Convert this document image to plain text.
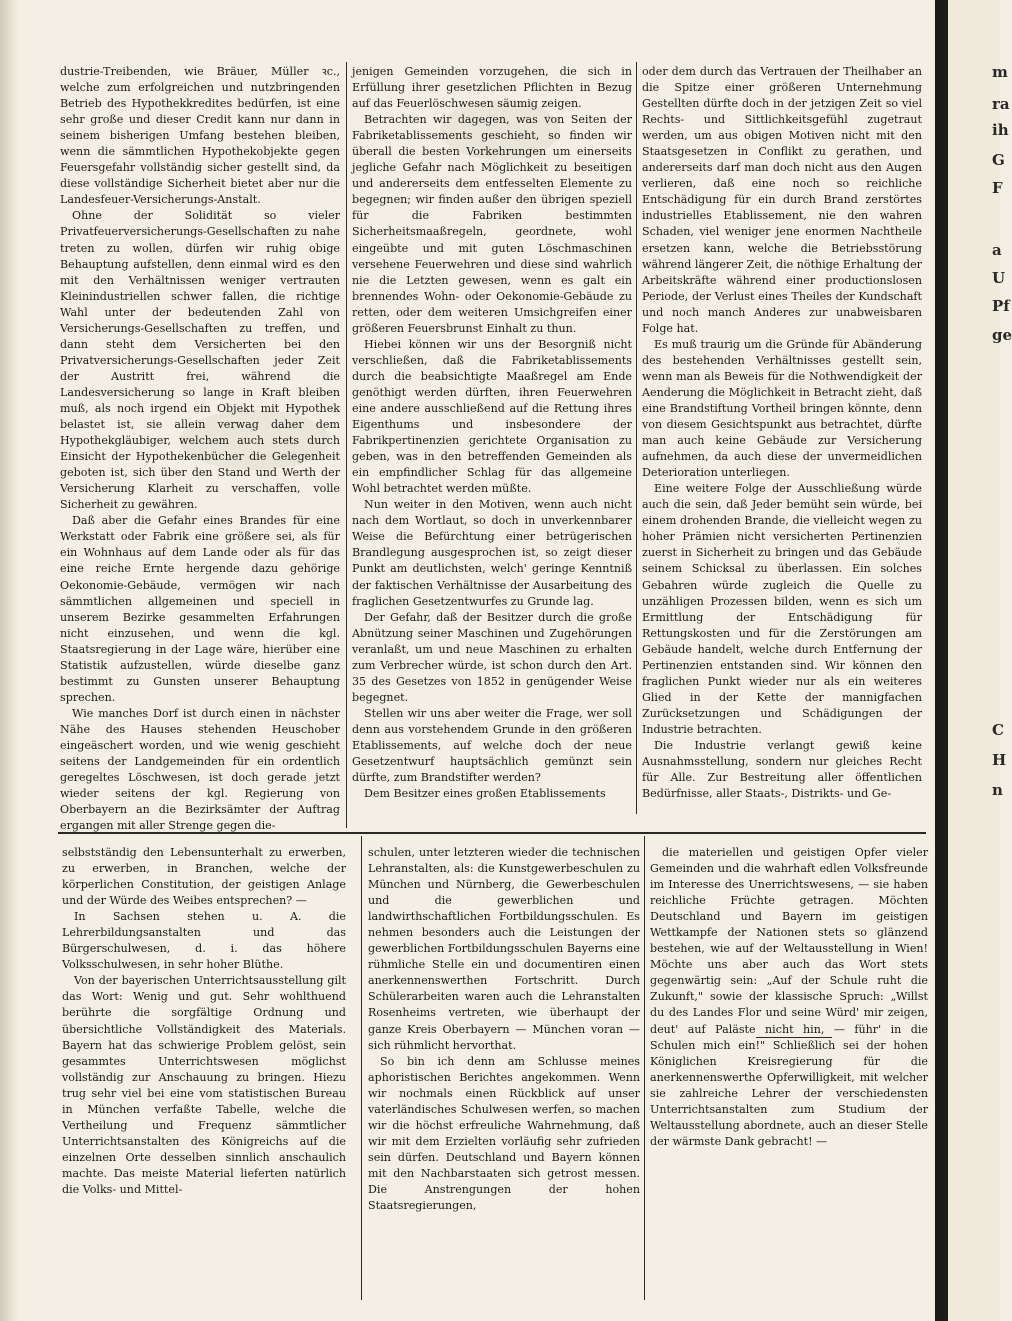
dustrie-Treibenden, wie Bräuer, Müller ꝛc., welche zum erfolgreichen und nutzbringenden Betrieb des Hypothekkredites bedürfen, ist eine sehr große und dieser Credit kann nur dann in seinem bisherigen Umfang bestehen bleiben, wenn die sämmtlichen Hypothekobjekte gegen Feuersgefahr vollständig sicher gestellt sind, da diese vollständige Sicherheit bietet aber nur die Landesfeuer-Versicherungs-Anstalt.

Ohne der Solidität so vieler Privatfeuerversicherungs-Gesellschaften zu nahe treten zu wollen, dürfen wir ruhig obige Behauptung aufstellen, denn einmal wird es den mit den Verhältnissen weniger vertrauten Kleinindustriellen schwer fallen, die richtige Wahl unter der bedeutenden Zahl von Versicherungs-Gesellschaften zu treffen, und dann steht dem Versicherten bei den Privatversicherungs-Gesellschaften jeder Zeit der Austritt frei, während die Landesversicherung so lange in Kraft bleiben muß, als noch irgend ein Objekt mit Hypothek belastet ist, sie allein verwag daher dem Hypothekgläubiger, welchem auch stets durch Einsicht der Hypothekenbücher die Gelegenheit geboten ist, sich über den Stand und Werth der Versicherung Klarheit zu verschaffen, volle Sicherheit zu gewähren.

Daß aber die Gefahr eines Brandes für eine Werkstatt oder Fabrik eine größere sei, als für ein Wohnhaus auf dem Lande oder als für das eine reiche Ernte hergende dazu gehörige Oekonomie-Gebäude, vermögen wir nach sämmtlichen allgemeinen und speciell in unserem Bezirke gesammelten Erfahrungen nicht einzusehen, und wenn die kgl. Staatsregierung in der Lage wäre, hierüber eine Statistik aufzustellen, würde dieselbe ganz bestimmt zu Gunsten unserer Behauptung sprechen.

Wie manches Dorf ist durch einen in nächster Nähe des Hauses stehenden Heuschober eingeäschert worden, und wie wenig geschieht seitens der Landgemeinden für ein ordentlich geregeltes Löschwesen, ist doch gerade jetzt wieder seitens der kgl. Regierung von Oberbayern an die Bezirksämter der Auftrag ergangen mit aller Strenge gegen die-

jenigen Gemeinden vorzugehen, die sich in Erfüllung ihrer gesetzlichen Pflichten in Bezug auf das Feuerlöschwesen säumig zeigen.

Betrachten wir dagegen, was von Seiten der Fabriketablissements geschieht, so finden wir überall die besten Vorkehrungen um einerseits jegliche Gefahr nach Möglichkeit zu beseitigen und andererseits dem entfesselten Elemente zu begegnen; wir finden außer den übrigen speziell für die Fabriken bestimmten Sicherheitsmaaßregeln, geordnete, wohl eingeübte und mit guten Löschmaschinen versehene Feuerwehren und diese sind wahrlich nie die Letzten gewesen, wenn es galt ein brennendes Wohn- oder Oekonomie-Gebäude zu retten, oder dem weiteren Umsichgreifen einer größeren Feuersbrunst Einhalt zu thun.

Hiebei können wir uns der Besorgniß nicht verschließen, daß die Fabriketablissements durch die beabsichtigte Maaßregel am Ende genöthigt werden dürften, ihren Feuerwehren eine andere ausschließend auf die Rettung ihres Eigenthums und insbesondere der Fabrikpertinenzien gerichtete Organisation zu geben, was in den betreffenden Gemeinden als ein empfindlicher Schlag für das allgemeine Wohl betrachtet werden müßte.

Nun weiter in den Motiven, wenn auch nicht nach dem Wortlaut, so doch in unverkennbarer Weise die Befürchtung einer betrügerischen Brandlegung ausgesprochen ist, so zeigt dieser Punkt am deutlichsten, welch' geringe Kenntniß der faktischen Verhältnisse der Ausarbeitung des fraglichen Gesetzentwurfes zu Grunde lag.

Der Gefahr, daß der Besitzer durch die große Abnützung seiner Maschinen und Zugehörungen veranlaßt, um und neue Maschinen zu erhalten zum Verbrecher würde, ist schon durch den Art. 35 des Gesetzes von 1852 in genügender Weise begegnet.

Stellen wir uns aber weiter die Frage, wer soll denn aus vorstehendem Grunde in den größeren Etablissements, auf welche doch der neue Gesetzentwurf hauptsächlich gemünzt sein dürfte, zum Brandstifter werden?

Dem Besitzer eines großen Etablissements

oder dem durch das Vertrauen der Theilhaber an die Spitze einer größeren Unternehmung Gestellten dürfte doch in der jetzigen Zeit so viel Rechts- und Sittlichkeitsgefühl zugetraut werden, um aus obigen Motiven nicht mit den Staatsgesetzen in Conflikt zu gerathen, und andererseits darf man doch nicht aus den Augen verlieren, daß eine noch so reichliche Entschädigung für ein durch Brand zerstörtes industrielles Etablissement, nie den wahren Schaden, viel weniger jene enormen Nachtheile ersetzen kann, welche die Betriebsstörung während längerer Zeit, die nöthige Erhaltung der Arbeitskräfte während einer productionslosen Periode, der Verlust eines Theiles der Kundschaft und noch manch Anderes zur unabweisbaren Folge hat.

Es muß traurig um die Gründe für Abänderung des bestehenden Verhältnisses gestellt sein, wenn man als Beweis für die Nothwendigkeit der Aenderung die Möglichkeit in Betracht zieht, daß eine Brandstiftung Vortheil bringen könnte, denn von diesem Gesichtspunkt aus betrachtet, dürfte man auch keine Gebäude zur Versicherung aufnehmen, da auch diese der unvermeidlichen Deterioration unterliegen.

Eine weitere Folge der Ausschließung würde auch die sein, daß Jeder bemüht sein würde, bei einem drohenden Brande, die vielleicht wegen zu hoher Prämien nicht versicherten Pertinenzien zuerst in Sicherheit zu bringen und das Gebäude seinem Schicksal zu überlassen. Ein solches Gebahren würde zugleich die Quelle zu unzähligen Prozessen bilden, wenn es sich um Ermittlung der Entschädigung für Rettungskosten und für die Zerstörungen am Gebäude handelt, welche durch Entfernung der Pertinenzien entstanden sind. Wir können den fraglichen Punkt wieder nur als ein weiteres Glied in der Kette der mannigfachen Zurücksetzungen und Schädigungen der Industrie betrachten.

Die Industrie verlangt gewiß keine Ausnahmsstellung, sondern nur gleiches Recht für Alle. Zur Bestreitung aller öffentlichen Bedürfnisse, aller Staats-, Distrikts- und Ge-

selbstständig den Lebensunterhalt zu erwerben, zu erwerben, in Branchen, welche der körperlichen Constitution, der geistigen Anlage und der Würde des Weibes entsprechen? —

In Sachsen stehen u. A. die Lehrerbildungsanstalten und das Bürgerschulwesen, d. i. das höhere Volksschulwesen, in sehr hoher Blüthe.

Von der bayerischen Unterrichtsausstellung gilt das Wort: Wenig und gut. Sehr wohlthuend berührte die sorgfältige Ordnung und übersichtliche Vollständigkeit des Materials. Bayern hat das schwierige Problem gelöst, sein gesammtes Unterrichtswesen möglichst vollständig zur Anschauung zu bringen. Hiezu trug sehr viel bei eine vom statistischen Bureau in München verfaßte Tabelle, welche die Vertheilung und Frequenz sämmtlicher Unterrichtsanstalten des Königreichs auf die einzelnen Orte desselben sinnlich anschaulich machte. Das meiste Material lieferten natürlich die Volks- und Mittel-

schulen, unter letzteren wieder die technischen Lehranstalten, als: die Kunstgewerbeschulen zu München und Nürnberg, die Gewerbeschulen und die gewerblichen und landwirthschaftlichen Fortbildungsschulen. Es nehmen besonders auch die Leistungen der gewerblichen Fortbildungsschulen Bayerns eine rühmliche Stelle ein und documentiren einen anerkennenswerthen Fortschritt. Durch Schülerarbeiten waren auch die Lehranstalten Rosenheims vertreten, wie überhaupt der ganze Kreis Oberbayern — München voran — sich rühmlicht hervorthat.

So bin ich denn am Schlusse meines aphoristischen Berichtes angekommen. Wenn wir nochmals einen Rückblick auf unser vaterländisches Schulwesen werfen, so machen wir die höchst erfreuliche Wahrnehmung, daß wir mit dem Erzielten vorläufig sehr zufrieden sein dürfen. Deutschland und Bayern können mit den Nachbarstaaten sich getrost messen. Die Anstrengungen der hohen Staatsregierungen,

die materiellen und geistigen Opfer vieler Gemeinden und die wahrhaft edlen Volksfreunde im Interesse des Unerrichtswesens, — sie haben reichliche Früchte getragen. Möchten Deutschland und Bayern im geistigen Wettkampfe der Nationen stets so glänzend bestehen, wie auf der Weltausstellung in Wien! Möchte uns aber auch das Wort stets gegenwärtig sein: „Auf der Schule ruht die Zukunft," sowie der klassische Spruch: „Willst du des Landes Flor und seine Würd' mir zeigen, deut' auf Paläste nicht hin, — führ' in die Schulen mich ein!" Schließlich sei der hohen Königlichen Kreisregierung für die anerkennenswerthe Opferwilligkeit, mit welcher sie zahlreiche Lehrer der verschiedensten Unterrichtsanstalten zum Studium der Weltausstellung abordnete, auch an dieser Stelle der wärmste Dank gebracht! —

m
ra
ih
G
F
a
U
Pf
ge
C
H
n
